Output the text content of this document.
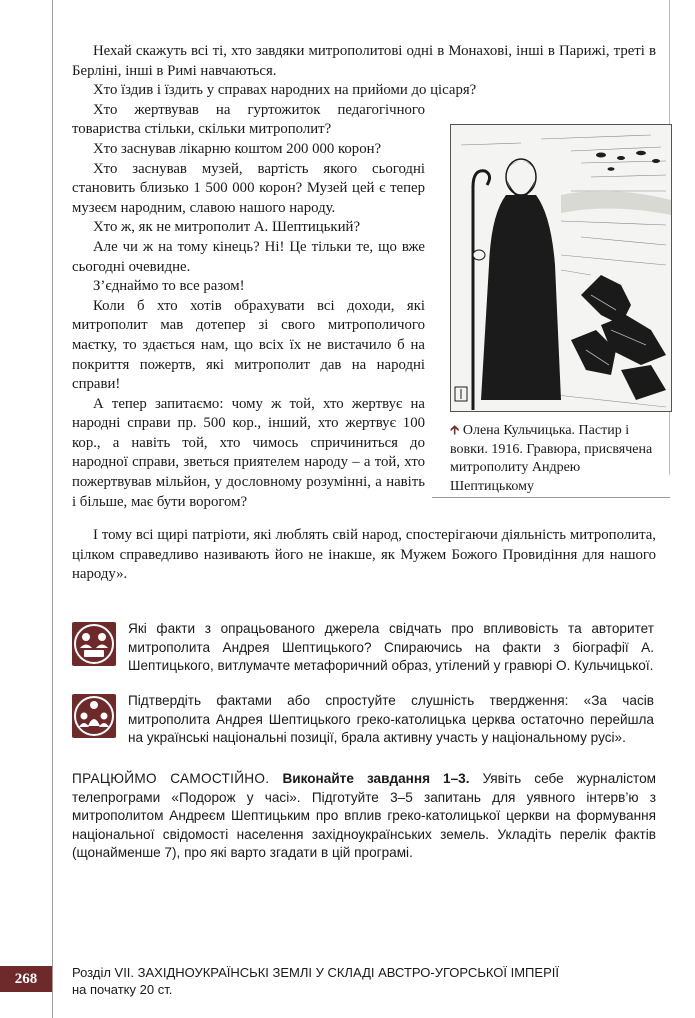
Нехай скажуть всі ті, хто завдяки митрополитові одні в Монахові, інші в Парижі, треті в Берліні, інші в Римі навчаються.

Хто їздив і їздить у справах народних на прийоми до цісаря?

Хто жертвував на гуртожиток педагогічного товариства стільки, скільки митрополит?

Хто заснував лікарню коштом 200 000 корон?

Хто заснував музей, вартість якого сьогодні становить близько 1 500 000 корон? Музей цей є тепер музеєм народним, славою нашого народу.

Хто ж, як не митрополит А. Шептицький?

Але чи ж на тому кінець? Ні! Це тільки те, що вже сьогодні очевидне.

З’єднаймо то все разом!

Коли б хто хотів обрахувати всі доходи, які митрополит мав дотепер зі свого митрополичого маєтку, то здається нам, що всіх їх не вистачило б на покриття пожертв, які митрополит дав на народні справи!

А тепер запитаємо: чому ж той, хто жертвує на народні справи пр. 500 кор., інший, хто жертвує 100 кор., а навіть той, хто чимось спричиниться до народної справи, зветься приятелем народу – а той, хто пожертвував мільйон, у дословному розумінні, а навіть і більше, має бути ворогом?

І тому всі щирі патріоти, які люблять свій народ, спостерігаючи діяльність митрополита, цілком справедливо називають його не інакше, як Мужем Божого Провидіння для нашого народу».

🡱 Олена Кульчицька. Пастир і вовки. 1916. Гравюра, присвячена митрополиту Андрею Шептицькому
Які факти з опрацьованого джерела свідчать про впливовість та авторитет митрополита Андрея Шептицького? Спираючись на факти з біографії А. Шептицького, витлумачте метафоричний образ, утілений у гравюрі О. Кульчицької.
Підтвердіть фактами або спростуйте слушність твердження: «За часів митрополита Андрея Шептицького греко-католицька церква остаточно перейшла на українські національні позиції, брала активну участь у національному русі».
ПРАЦЮЙМО САМОСТІЙНО. Виконайте завдання 1–3. Уявіть себе журналістом телепрограми «Подорож у часі». Підготуйте 3–5 запитань для уявного інтерв’ю з митрополитом Андреєм Шептицьким про вплив греко-католицької церкви на формування національної свідомості населення західноукраїнських земель. Укладіть перелік фактів (щонайменше 7), про які варто згадати в цій програмі.
268	Розділ VII. ЗАХІДНОУКРАЇНСЬКІ ЗЕМЛІ У СКЛАДІ АВСТРО-УГОРСЬКОЇ ІМПЕРІЇ
на початку 20 ст.
